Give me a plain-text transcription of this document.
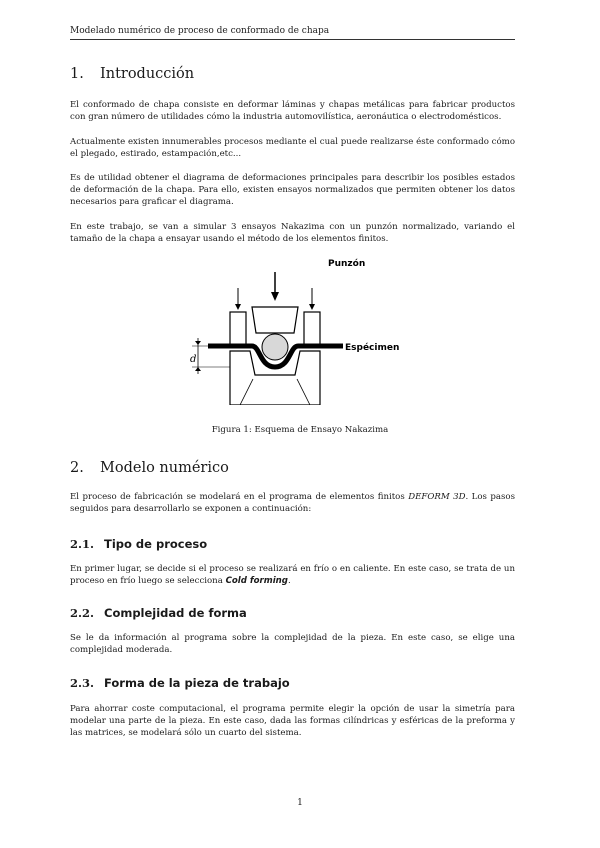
Modelado numérico de proceso de conformado de chapa
1. Introducción

El conformado de chapa consiste en deformar láminas y chapas metálicas para fabricar productos con gran número de utilidades cómo la industria automovilística, aeronáutica o electrodomésticos.

Actualmente existen innumerables procesos mediante el cual puede realizarse éste conformado cómo el plegado, estirado, estampación,etc...

Es de utilidad obtener el diagrama de deformaciones principales para describir los posibles estados de deformación de la chapa. Para ello, existen ensayos normalizados que permiten obtener los datos necesarios para graficar el diagrama.

En este trabajo, se van a simular 3 ensayos Nakazima con un punzón normalizado, variando el tamaño de la chapa a ensayar usando el método de los elementos finitos.

Punzón
Espécimen
d
Figura 1: Esquema de Ensayo Nakazima
2. Modelo numérico

El proceso de fabricación se modelará en el programa de elementos finitos DEFORM 3D. Los pasos seguidos para desarrollarlo se exponen a continuación:

2.1. Tipo de proceso

En primer lugar, se decide si el proceso se realizará en frío o en caliente. En este caso, se trata de un proceso en frío luego se selecciona Cold forming.

2.2. Complejidad de forma

Se le da información al programa sobre la complejidad de la pieza. En este caso, se elige una complejidad moderada.

2.3. Forma de la pieza de trabajo

Para ahorrar coste computacional, el programa permite elegir la opción de usar la simetría para modelar una parte de la pieza. En este caso, dada las formas cilíndricas y esféricas de la preforma y las matrices, se modelará sólo un cuarto del sistema.

1
